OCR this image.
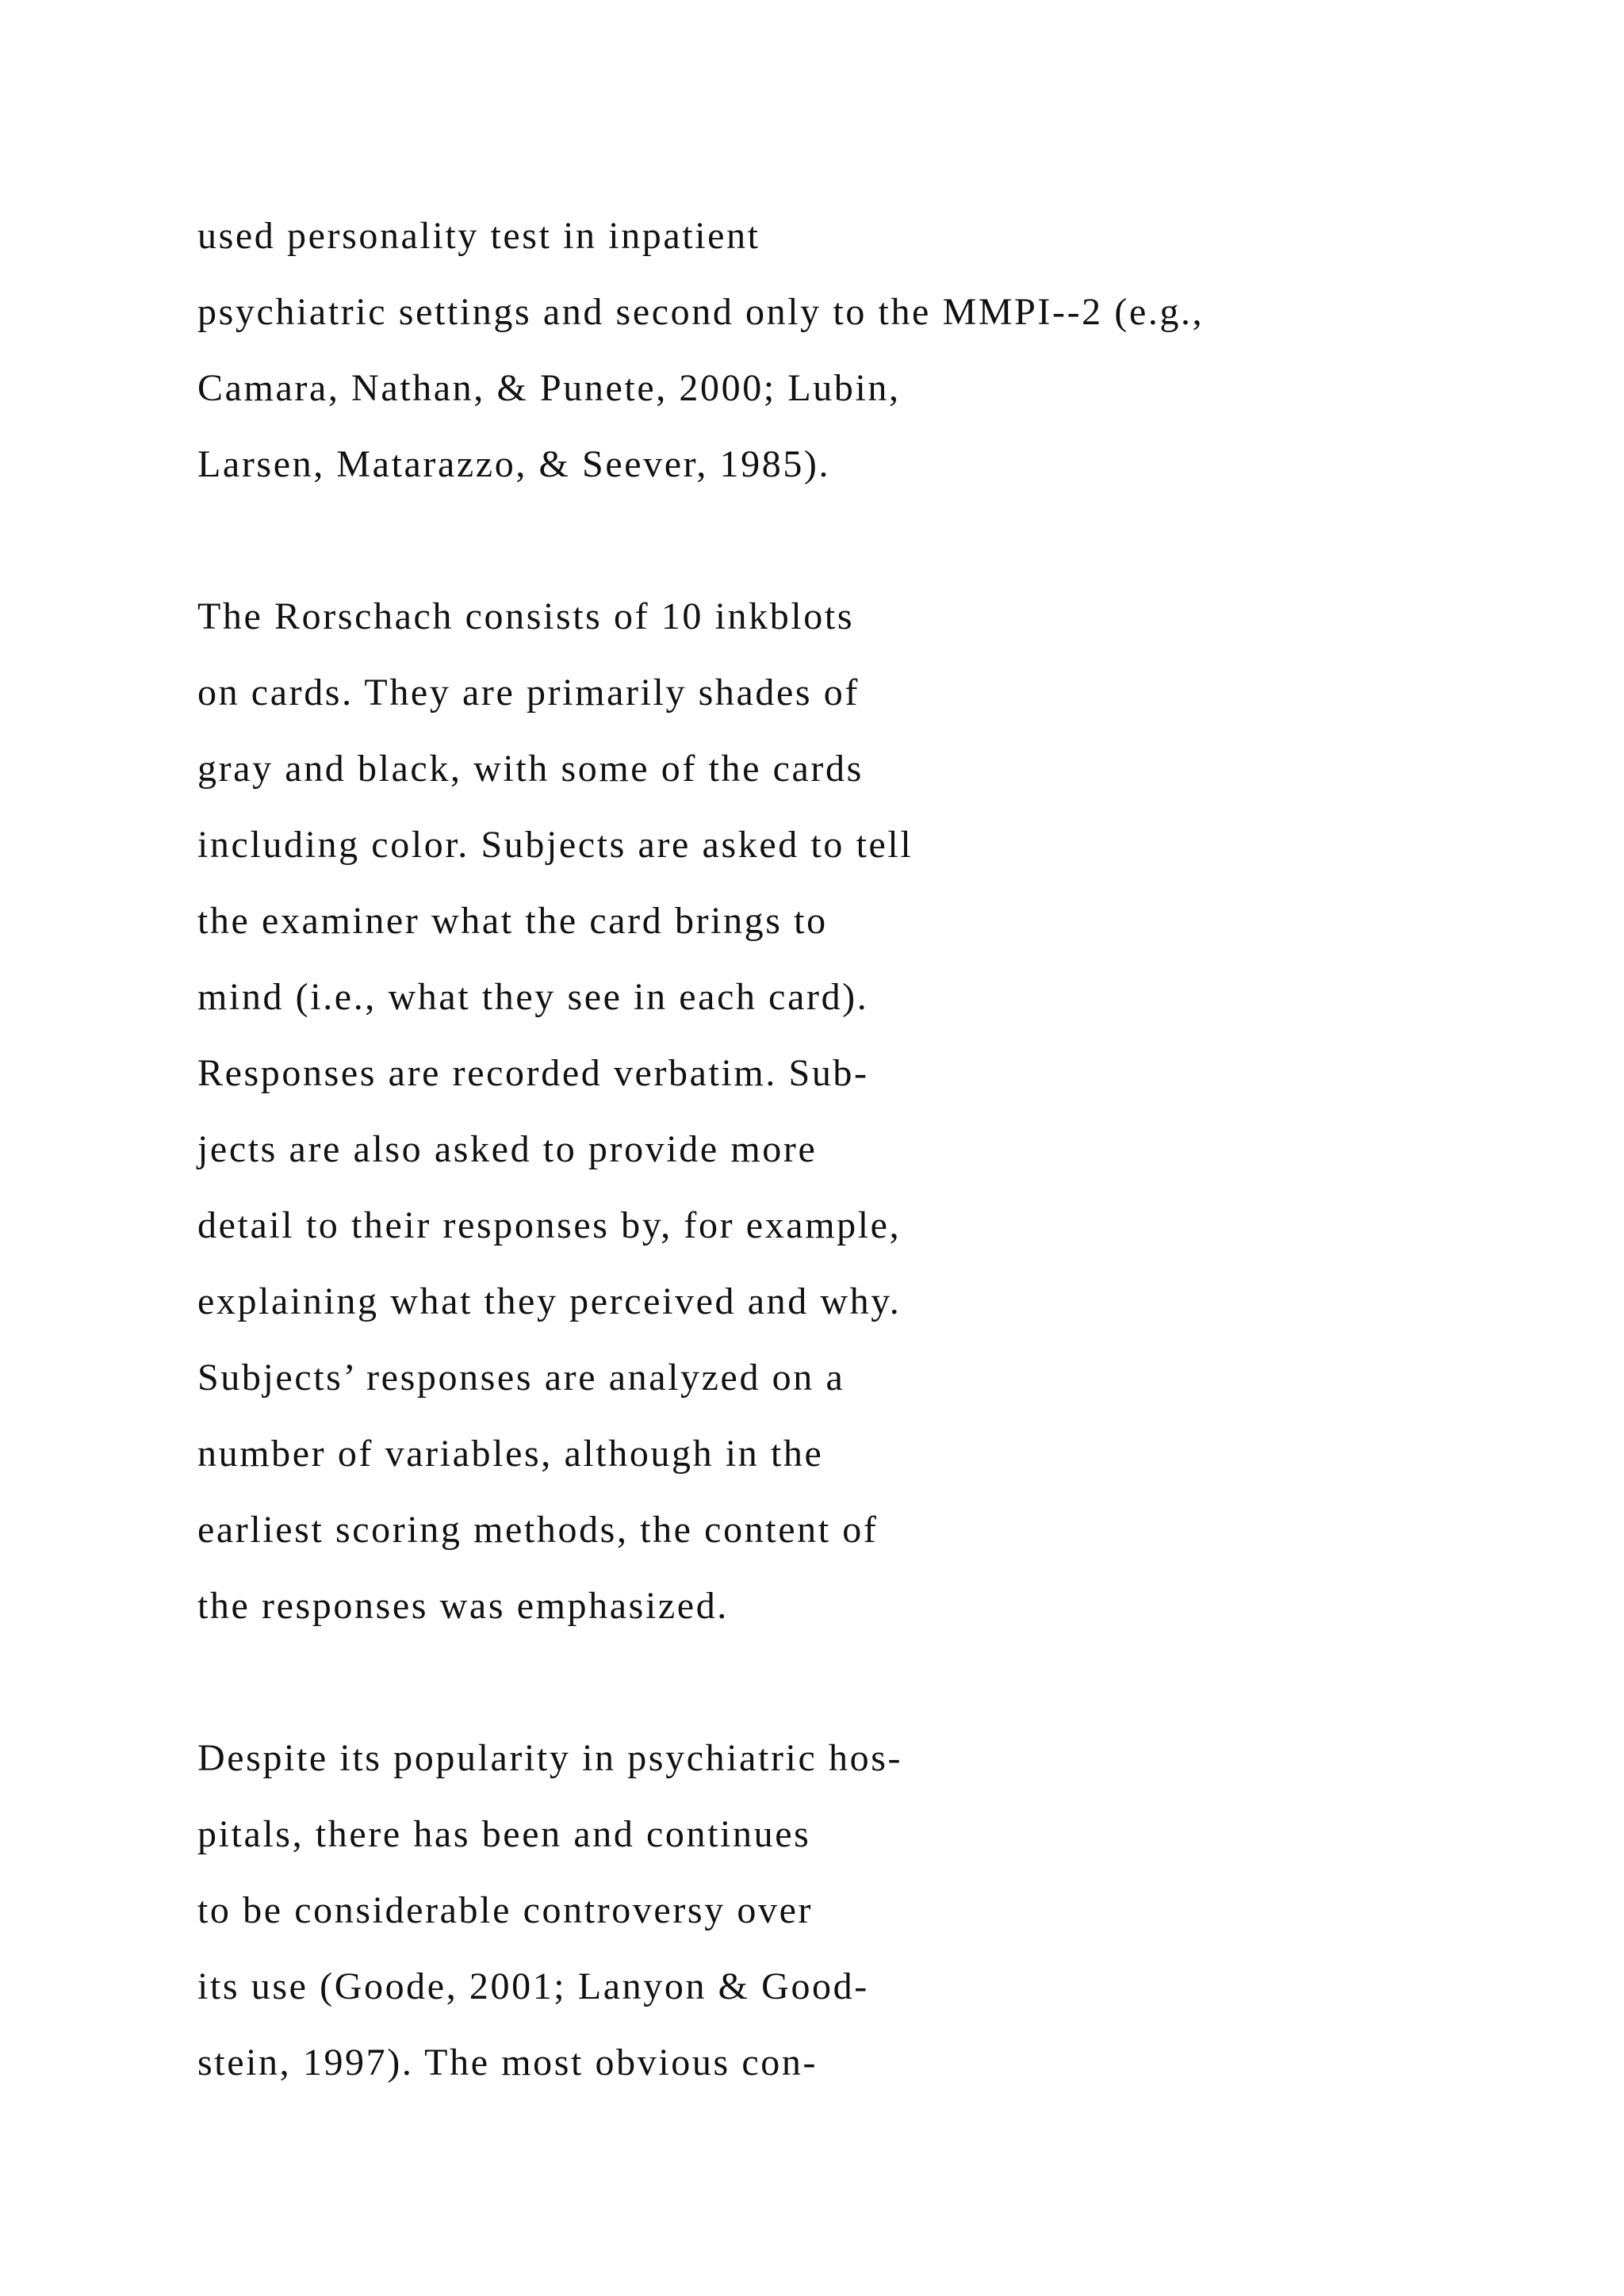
used personality test in inpatient
psychiatric settings and second only to the MMPI--2 (e.g.,
Camara, Nathan, & Punete, 2000; Lubin,
Larsen, Matarazzo, & Seever, 1985).
The Rorschach consists of 10 inkblots
on cards. They are primarily shades of
gray and black, with some of the cards
including color. Subjects are asked to tell
the examiner what the card brings to
mind (i.e., what they see in each card).
Responses are recorded verbatim. Sub-
jects are also asked to provide more
detail to their responses by, for example,
explaining what they perceived and why.
Subjects’ responses are analyzed on a
number of variables, although in the
earliest scoring methods, the content of
the responses was emphasized.
Despite its popularity in psychiatric hos-
pitals, there has been and continues
to be considerable controversy over
its use (Goode, 2001; Lanyon & Good-
stein, 1997). The most obvious con-
